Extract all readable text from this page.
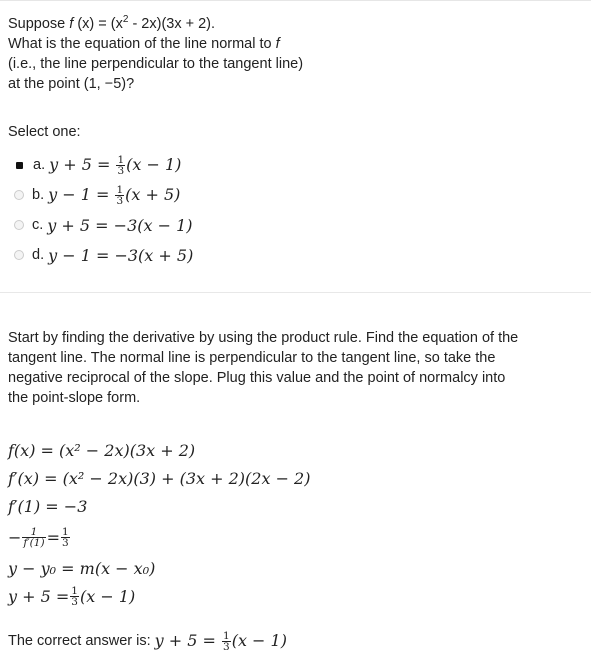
Suppose f $(x) = (x^2 - 2x)(3x + 2)$.

What is the equation of the line normal to f

(i.e., the line perpendicular to the tangent line)

at the point (1, −5)?

Select one:
a. $y + 5 = \frac{1}{3} (x - 1)$
b. $y - 1 = \frac{1}{3} (x + 5)$
c. y + 5 = −3(x − 1)
d. y − 1 = −3(x + 5)

Start by finding the derivative by using the product rule. Find the equation of the

tangent line. The normal line is perpendicular to the tangent line, so take the

negative reciprocal of the slope. Plug this value and the point of normalcy into

the point-slope form.

f(x) = (x² − 2x)(3x + 2)
f′(x) = (x² − 2x)(3) + (3x + 2)(2x − 2)
f′(1) = −3
− $\frac{1}{f'(1)} = \frac{1}{3}$
y − y₀ = m(x − x₀)
$y + 5 = \frac{1}{3} (x - 1)$
The correct answer is: $y + 5 = \frac{1}{3} (x - 1)$
